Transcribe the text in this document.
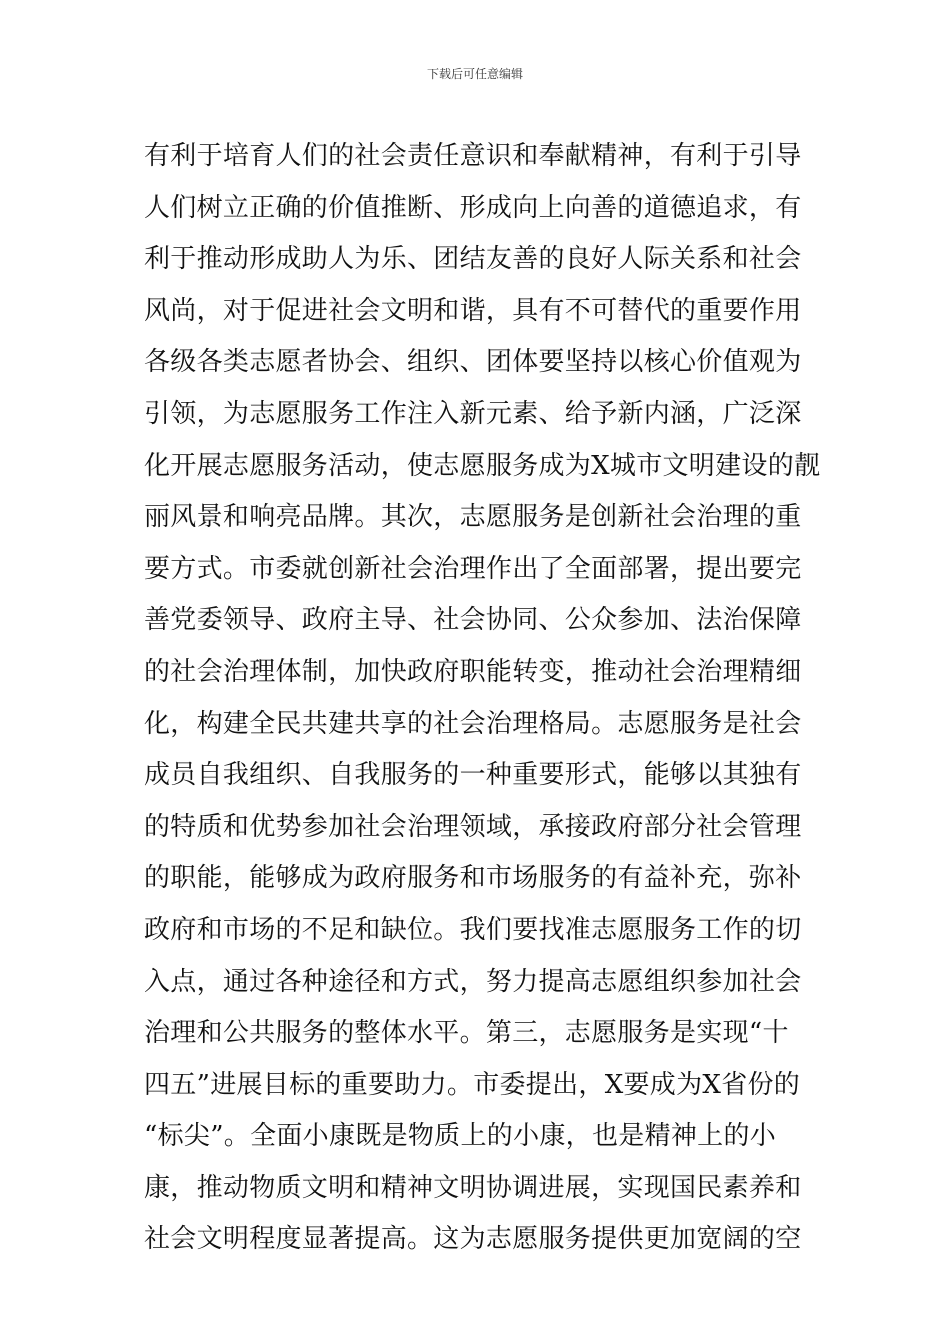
下载后可任意编辑
有利于培育人们的社会责任意识和奉献精神，有利于引导
人们树立正确的价值推断、形成向上向善的道德追求，有
利于推动形成助人为乐、团结友善的良好人际关系和社会
风尚，对于促进社会文明和谐，具有不可替代的重要作用
各级各类志愿者协会、组织、团体要坚持以核心价值观为
引领，为志愿服务工作注入新元素、给予新内涵，广泛深
化开展志愿服务活动，使志愿服务成为X城市文明建设的靓
丽风景和响亮品牌。其次，志愿服务是创新社会治理的重
要方式。市委就创新社会治理作出了全面部署，提出要完
善党委领导、政府主导、社会协同、公众参加、法治保障
的社会治理体制，加快政府职能转变，推动社会治理精细
化，构建全民共建共享的社会治理格局。志愿服务是社会
成员自我组织、自我服务的一种重要形式，能够以其独有
的特质和优势参加社会治理领域，承接政府部分社会管理
的职能，能够成为政府服务和市场服务的有益补充，弥补
政府和市场的不足和缺位。我们要找准志愿服务工作的切
入点，通过各种途径和方式，努力提高志愿组织参加社会
治理和公共服务的整体水平。第三，志愿服务是实现“十
四五”进展目标的重要助力。市委提出，X要成为X省份的
“标尖”。全面小康既是物质上的小康，也是精神上的小
康，推动物质文明和精神文明协调进展，实现国民素养和
社会文明程度显著提高。这为志愿服务提供更加宽阔的空
